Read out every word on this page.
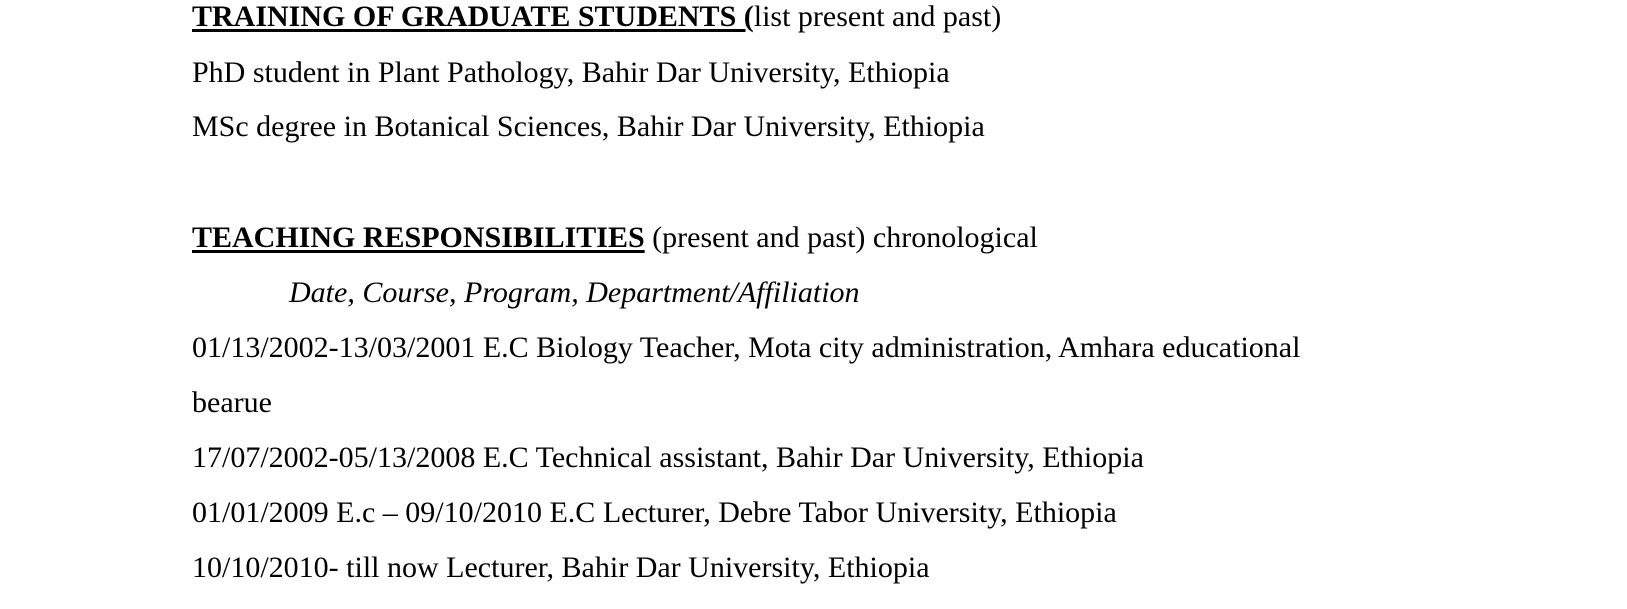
TRAINING OF GRADUATE STUDENTS (list present and past)
PhD student in Plant Pathology, Bahir Dar University, Ethiopia
MSc degree in Botanical Sciences, Bahir Dar University, Ethiopia
TEACHING RESPONSIBILITIES (present and past) chronological
Date, Course, Program, Department/Affiliation
01/13/2002-13/03/2001 E.C Biology Teacher, Mota city administration, Amhara educational
bearue
17/07/2002-05/13/2008 E.C Technical assistant, Bahir Dar University, Ethiopia
01/01/2009 E.c – 09/10/2010 E.C Lecturer, Debre Tabor University, Ethiopia
10/10/2010- till now Lecturer, Bahir Dar University, Ethiopia
